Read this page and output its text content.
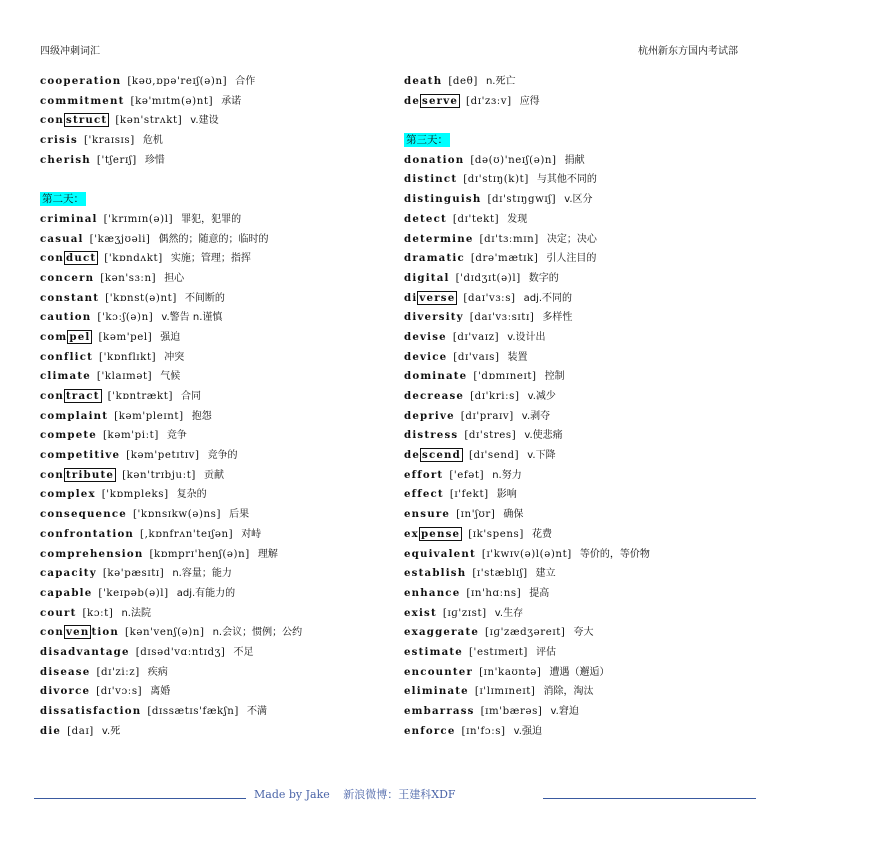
四级冲刺词汇	杭州新东方国内考试部
cooperation [kəʊ,ɒpə'reɪʃ(ə)n] 合作
commitment [kə'mɪtm(ə)nt] 承诺
con struct [kən'strʌkt] v.建设
crisis ['kraɪsɪs] 危机
cherish ['tʃerɪʃ] 珍惜
第二天：
criminal ['krɪmɪn(ə)l] 罪犯，犯罪的
casual ['kæʒjʊəli] 偶然的；随意的；临时的
con duct ['kɒndʌkt] 实施；管理；指挥
concern [kən'sɜːn] 担心
constant ['kɒnst(ə)nt] 不间断的
caution ['kɔːʃ(ə)n] v.警告 n.谨慎
com pel [kəm'pel] 强迫
conflict ['kɒnflɪkt] 冲突
climate ['klaɪmət] 气候
con tract ['kɒntrækt] 合同
complaint [kəm'pleɪnt] 抱怨
compete [kəm'piːt] 竞争
competitive [kəm'petɪtɪv] 竞争的
con tribute [kən'trɪbjuːt] 贡献
complex ['kɒmpleks] 复杂的
consequence ['kɒnsɪkw(ə)ns] 后果
confrontation [,kɒnfrʌn'teɪʃən] 对峙
comprehension [kɒmprɪ'henʃ(ə)n] 理解
capacity [kə'pæsɪtɪ] n.容量；能力
capable ['keɪpəb(ə)l] adj.有能力的
court [kɔːt] n.法院
con ven tion [kən'venʃ(ə)n] n.会议；惯例；公约
disadvantage [dɪsəd'vɑːntɪdʒ] 不足
disease [dɪ'ziːz] 疾病
divorce [dɪ'vɔːs] 离婚
dissatisfaction [dɪssætɪs'fækʃn] 不满
die [daɪ] v.死
death [deθ] n.死亡
de serve [dɪ'zɜːv] 应得
第三天：
donation [də(ʊ)'neɪʃ(ə)n] 捐献
distinct [dɪ'stɪŋ(k)t] 与其他不同的
distinguish [dɪ'stɪŋgwɪʃ] v.区分
detect [dɪ'tekt] 发现
determine [dɪ'tɜːmɪn] 决定；决心
dramatic [drə'mætɪk] 引人注目的
digital ['dɪdʒɪt(ə)l] 数字的
di verse [daɪ'vɜːs] adj.不同的
diversity [daɪ'vɜːsɪtɪ] 多样性
devise [dɪ'vaɪz] v.设计出
device [dɪ'vaɪs] 装置
dominate ['dɒmɪneɪt] 控制
decrease [dɪ'kriːs] v.减少
deprive [dɪ'praɪv] v.剥夺
distress [dɪ'stres] v.使悲痛
de scend [dɪ'send] v.下降
effort ['efət] n.努力
effect [ɪ'fekt] 影响
ensure [ɪn'ʃʊr] 确保
ex pense [ɪk'spens] 花费
equivalent [ɪ'kwɪv(ə)l(ə)nt] 等价的，等价物
establish [ɪ'stæblɪʃ] 建立
enhance [ɪn'hɑːns] 提高
exist [ɪɡ'zɪst] v.生存
exaggerate [ɪɡ'zædʒəreɪt] 夸大
estimate ['estɪmeɪt] 评估
encounter [ɪn'kaʊntə] 遭遇（邂逅）
eliminate [ɪ'lɪmɪneɪt] 消除，淘汰
embarrass [ɪm'bærəs] v.窘迫
enforce [ɪn'fɔːs] v.强迫
Made by Jake 新浪微博：王建科XDF
